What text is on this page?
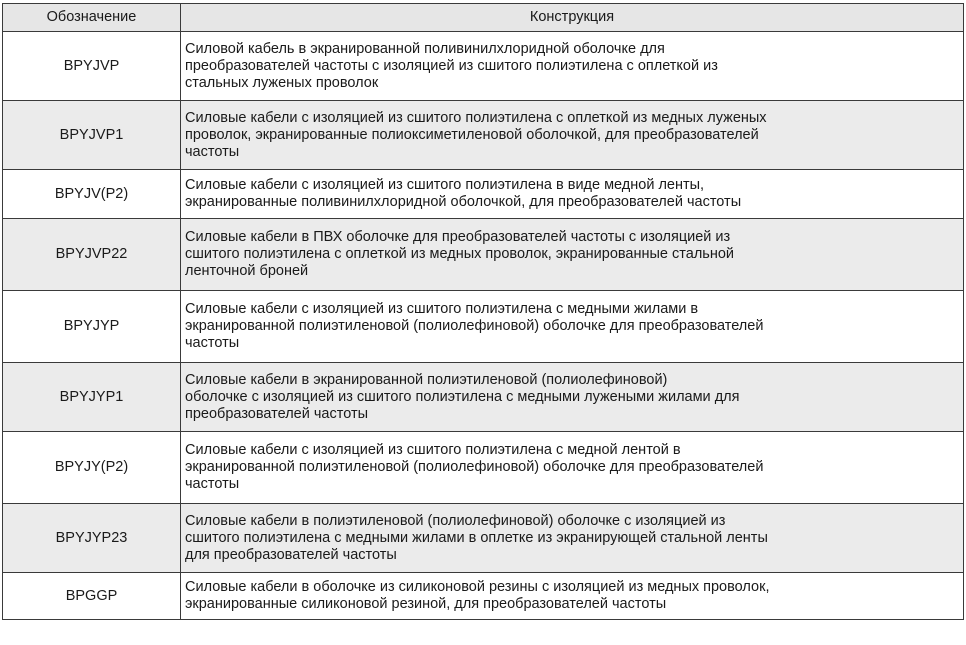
Обозначение	Конструкция
BPYJVP	Силовой кабель в экранированной поливинилхлоридной оболочке для
преобразователей частоты с изоляцией из сшитого полиэтилена с оплеткой из
стальных луженых проволок

BPYJVP1	Силовые кабели с изоляцией из сшитого полиэтилена с оплеткой из медных луженых
проволок, экранированные полиоксиметиленовой оболочкой, для преобразователей
частоты

BPYJV(P2)	Силовые кабели с изоляцией из сшитого полиэтилена в виде медной ленты,
экранированные поливинилхлоридной оболочкой, для преобразователей частоты

BPYJVP22	Силовые кабели в ПВХ оболочке для преобразователей частоты с изоляцией из
сшитого полиэтилена с оплеткой из медных проволок, экранированные стальной
ленточной броней

BPYJYP	Силовые кабели с изоляцией из сшитого полиэтилена с медными жилами в
экранированной полиэтиленовой (полиолефиновой) оболочке для преобразователей
частоты

BPYJYP1	Силовые кабели в экранированной полиэтиленовой (полиолефиновой)
оболочке с изоляцией из сшитого полиэтилена с медными лужеными жилами для
преобразователей частоты

BPYJY(P2)	Силовые кабели с изоляцией из сшитого полиэтилена с медной лентой в
экранированной полиэтиленовой (полиолефиновой) оболочке для преобразователей
частоты

BPYJYP23	Силовые кабели в полиэтиленовой (полиолефиновой) оболочке с изоляцией из
сшитого полиэтилена с медными жилами в оплетке из экранирующей стальной ленты
для преобразователей частоты

BPGGP	Силовые кабели в оболочке из силиконовой резины с изоляцией из медных проволок,
экранированные силиконовой резиной, для преобразователей частоты
